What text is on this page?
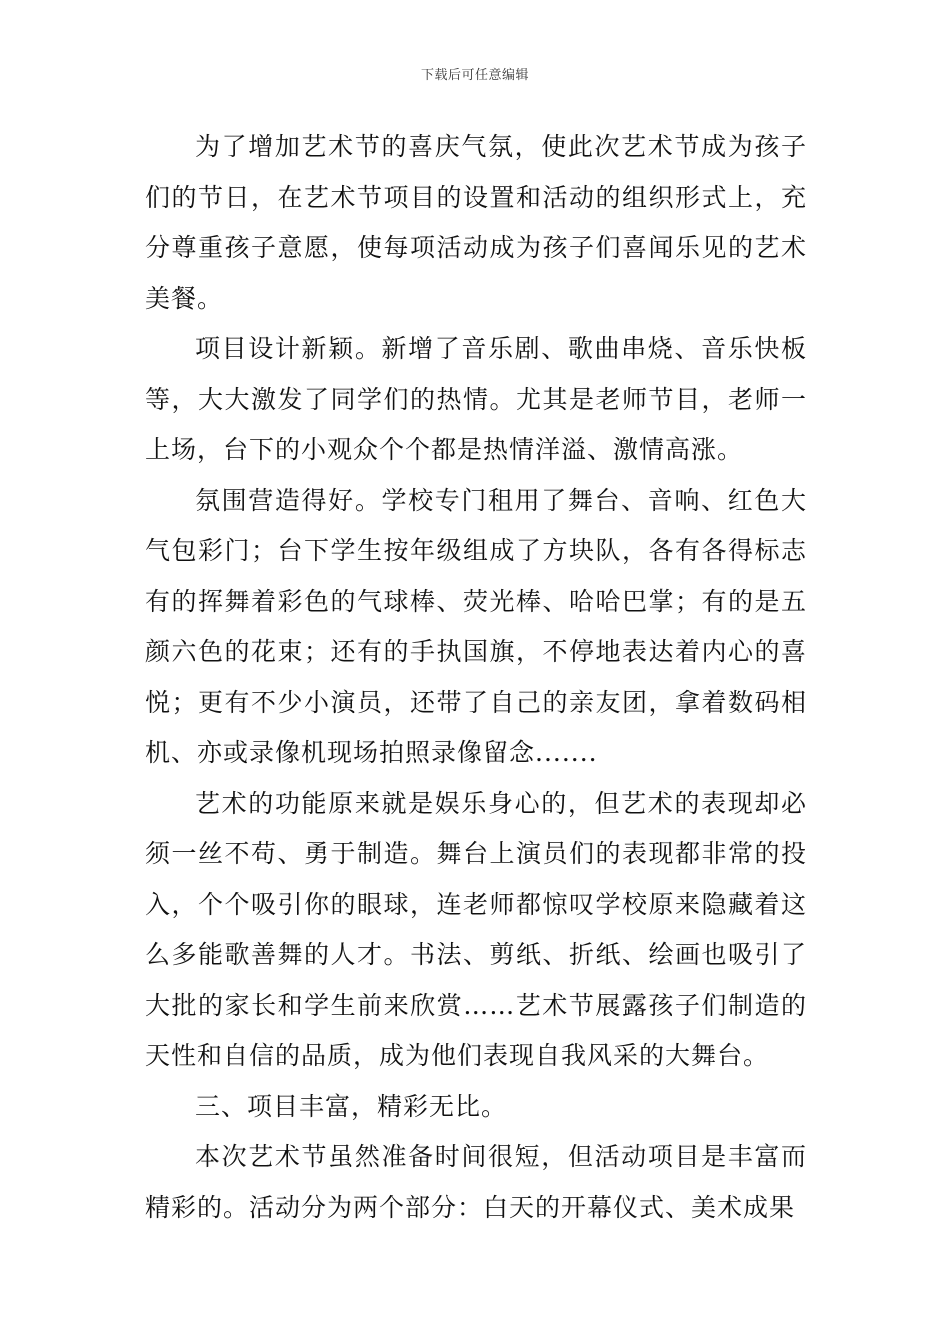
下载后可任意编辑

为了增加艺术节的喜庆气氛，使此次艺术节成为孩子们的节日，在艺术节项目的设置和活动的组织形式上，充分尊重孩子意愿，使每项活动成为孩子们喜闻乐见的艺术美餐。

项目设计新颖。新增了音乐剧、歌曲串烧、音乐快板等，大大激发了同学们的热情。尤其是老师节目，老师一上场，台下的小观众个个都是热情洋溢、激情高涨。

氛围营造得好。学校专门租用了舞台、音响、红色大气包彩门；台下学生按年级组成了方块队，各有各得标志有的挥舞着彩色的气球棒、荧光棒、哈哈巴掌；有的是五颜六色的花束；还有的手执国旗，不停地表达着内心的喜悦；更有不少小演员，还带了自己的亲友团，拿着数码相机、亦或录像机现场拍照录像留念.......

艺术的功能原来就是娱乐身心的，但艺术的表现却必须一丝不苟、勇于制造。舞台上演员们的表现都非常的投入，个个吸引你的眼球，连老师都惊叹学校原来隐藏着这么多能歌善舞的人才。书法、剪纸、折纸、绘画也吸引了大批的家长和学生前来欣赏……艺术节展露孩子们制造的天性和自信的品质，成为他们表现自我风采的大舞台。

三、项目丰富，精彩无比。

本次艺术节虽然准备时间很短，但活动项目是丰富而精彩的。活动分为两个部分：白天的开幕仪式、美术成果
